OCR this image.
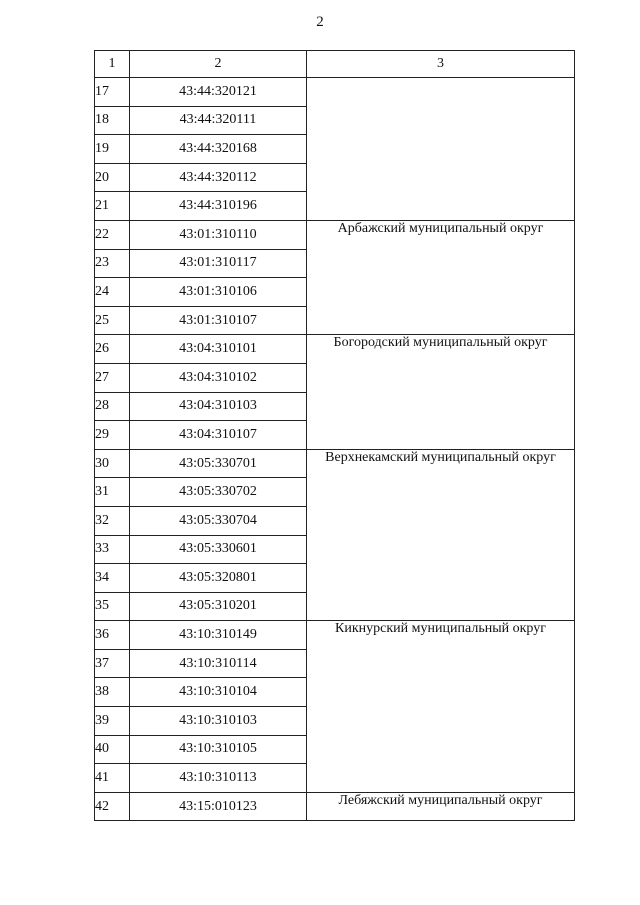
2
1	2	3
17	43:44:320121	
18	43:44:320111	
19	43:44:320168	
20	43:44:320112	
21	43:44:310196	
22	43:01:310110	Арбажский муниципальный округ
23	43:01:310117	
24	43:01:310106	
25	43:01:310107	
26	43:04:310101	Богородский муниципальный округ
27	43:04:310102	
28	43:04:310103	
29	43:04:310107	
30	43:05:330701	Верхнекамский муниципальный округ
31	43:05:330702	
32	43:05:330704	
33	43:05:330601	
34	43:05:320801	
35	43:05:310201	
36	43:10:310149	Кикнурский муниципальный округ
37	43:10:310114	
38	43:10:310104	
39	43:10:310103	
40	43:10:310105	
41	43:10:310113	
42	43:15:010123	Лебяжский муниципальный округ
